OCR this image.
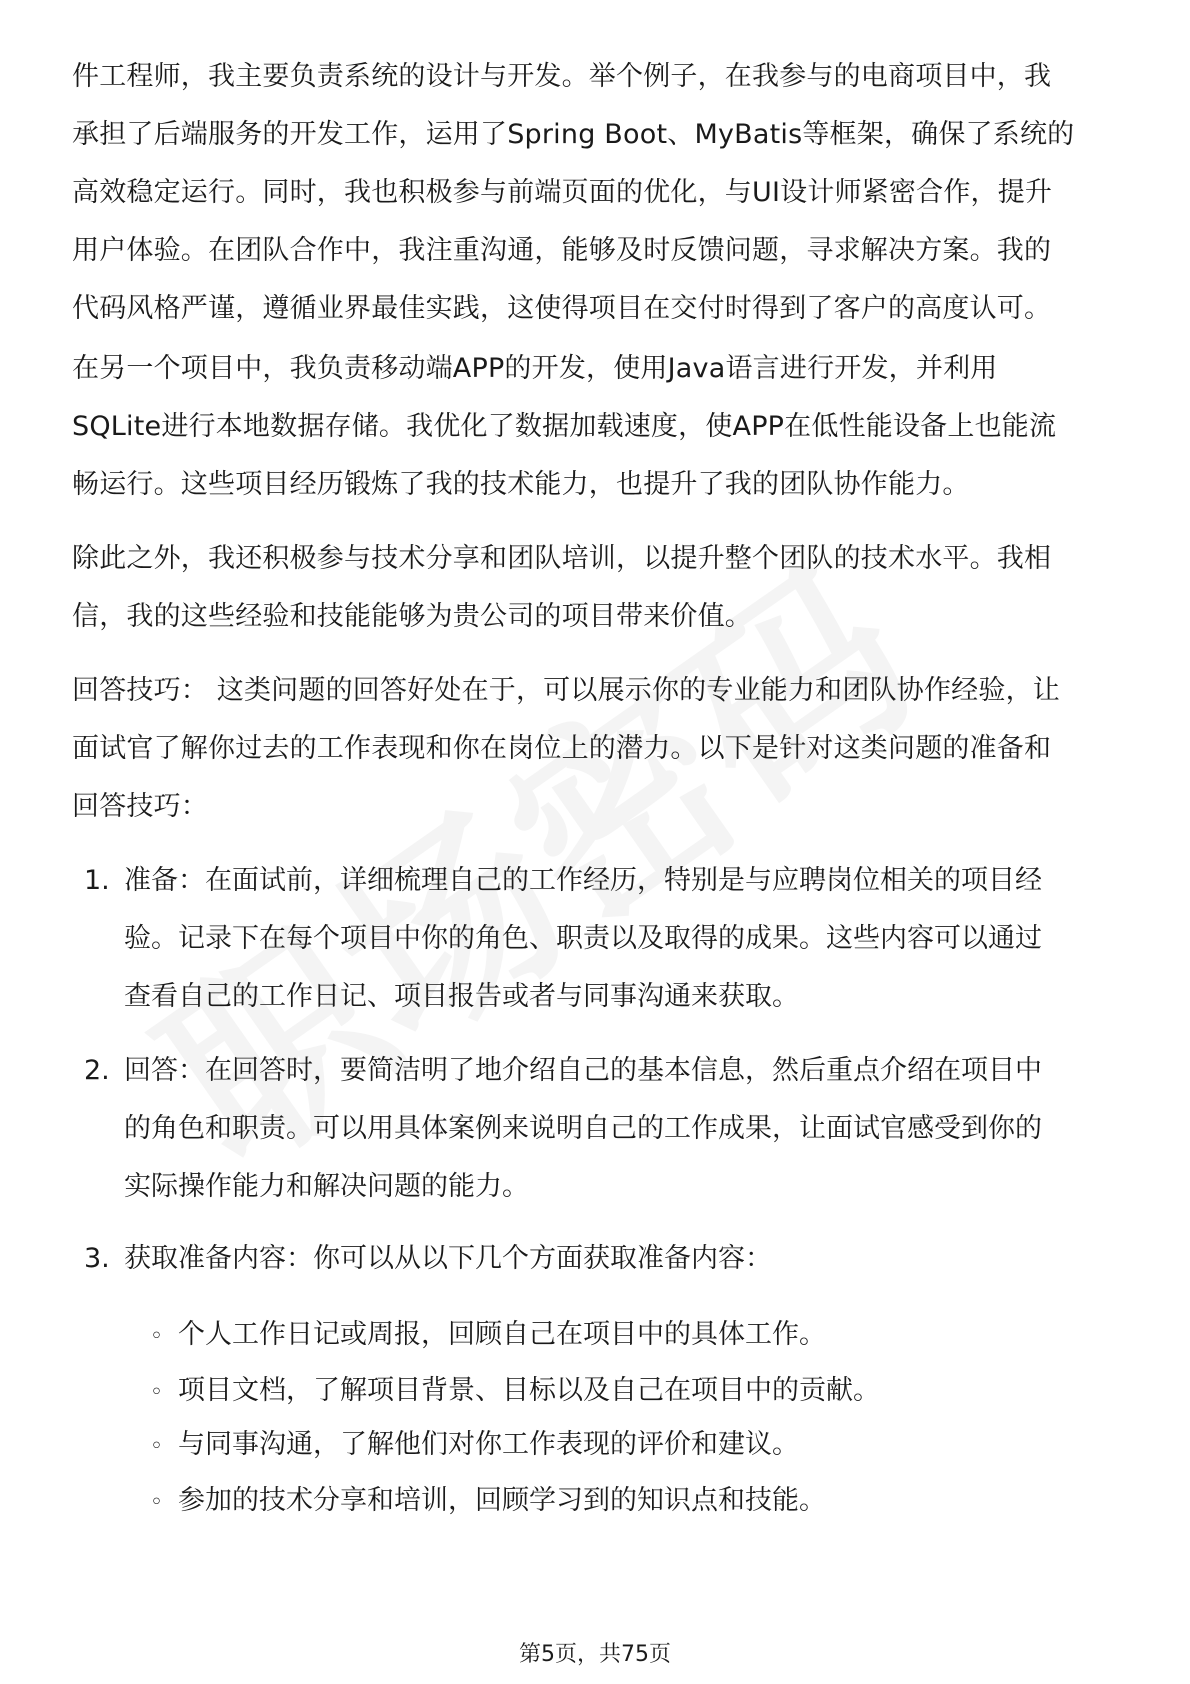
件工程师，我主要负责系统的设计与开发。举个例子，在我参与的电商项目中，我
承担了后端服务的开发工作，运用了Spring Boot、MyBatis等框架，确保了系统的
高效稳定运行。同时，我也积极参与前端页面的优化，与UI设计师紧密合作，提升
用户体验。在团队合作中，我注重沟通，能够及时反馈问题，寻求解决方案。我的
代码风格严谨，遵循业界最佳实践，这使得项目在交付时得到了客户的高度认可。

在另一个项目中，我负责移动端APP的开发，使用Java语言进行开发，并利用
SQLite进行本地数据存储。我优化了数据加载速度，使APP在低性能设备上也能流
畅运行。这些项目经历锻炼了我的技术能力，也提升了我的团队协作能力。

除此之外，我还积极参与技术分享和团队培训，以提升整个团队的技术水平。我相
信，我的这些经验和技能能够为贵公司的项目带来价值。

回答技巧： 这类问题的回答好处在于，可以展示你的专业能力和团队协作经验，让
面试官了解你过去的工作表现和你在岗位上的潜力。以下是针对这类问题的准备和
回答技巧：

1. 准备：在面试前，详细梳理自己的工作经历，特别是与应聘岗位相关的项目经
验。记录下在每个项目中你的角色、职责以及取得的成果。这些内容可以通过
查看自己的工作日记、项目报告或者与同事沟通来获取。
2. 回答：在回答时，要简洁明了地介绍自己的基本信息，然后重点介绍在项目中
的角色和职责。可以用具体案例来说明自己的工作成果，让面试官感受到你的
实际操作能力和解决问题的能力。
3. 获取准备内容：你可以从以下几个方面获取准备内容：
◦ 个人工作日记或周报，回顾自己在项目中的具体工作。
◦ 项目文档，了解项目背景、目标以及自己在项目中的贡献。
◦ 与同事沟通，了解他们对你工作表现的评价和建议。
◦ 参加的技术分享和培训，回顾学习到的知识点和技能。
第5页，共75页
